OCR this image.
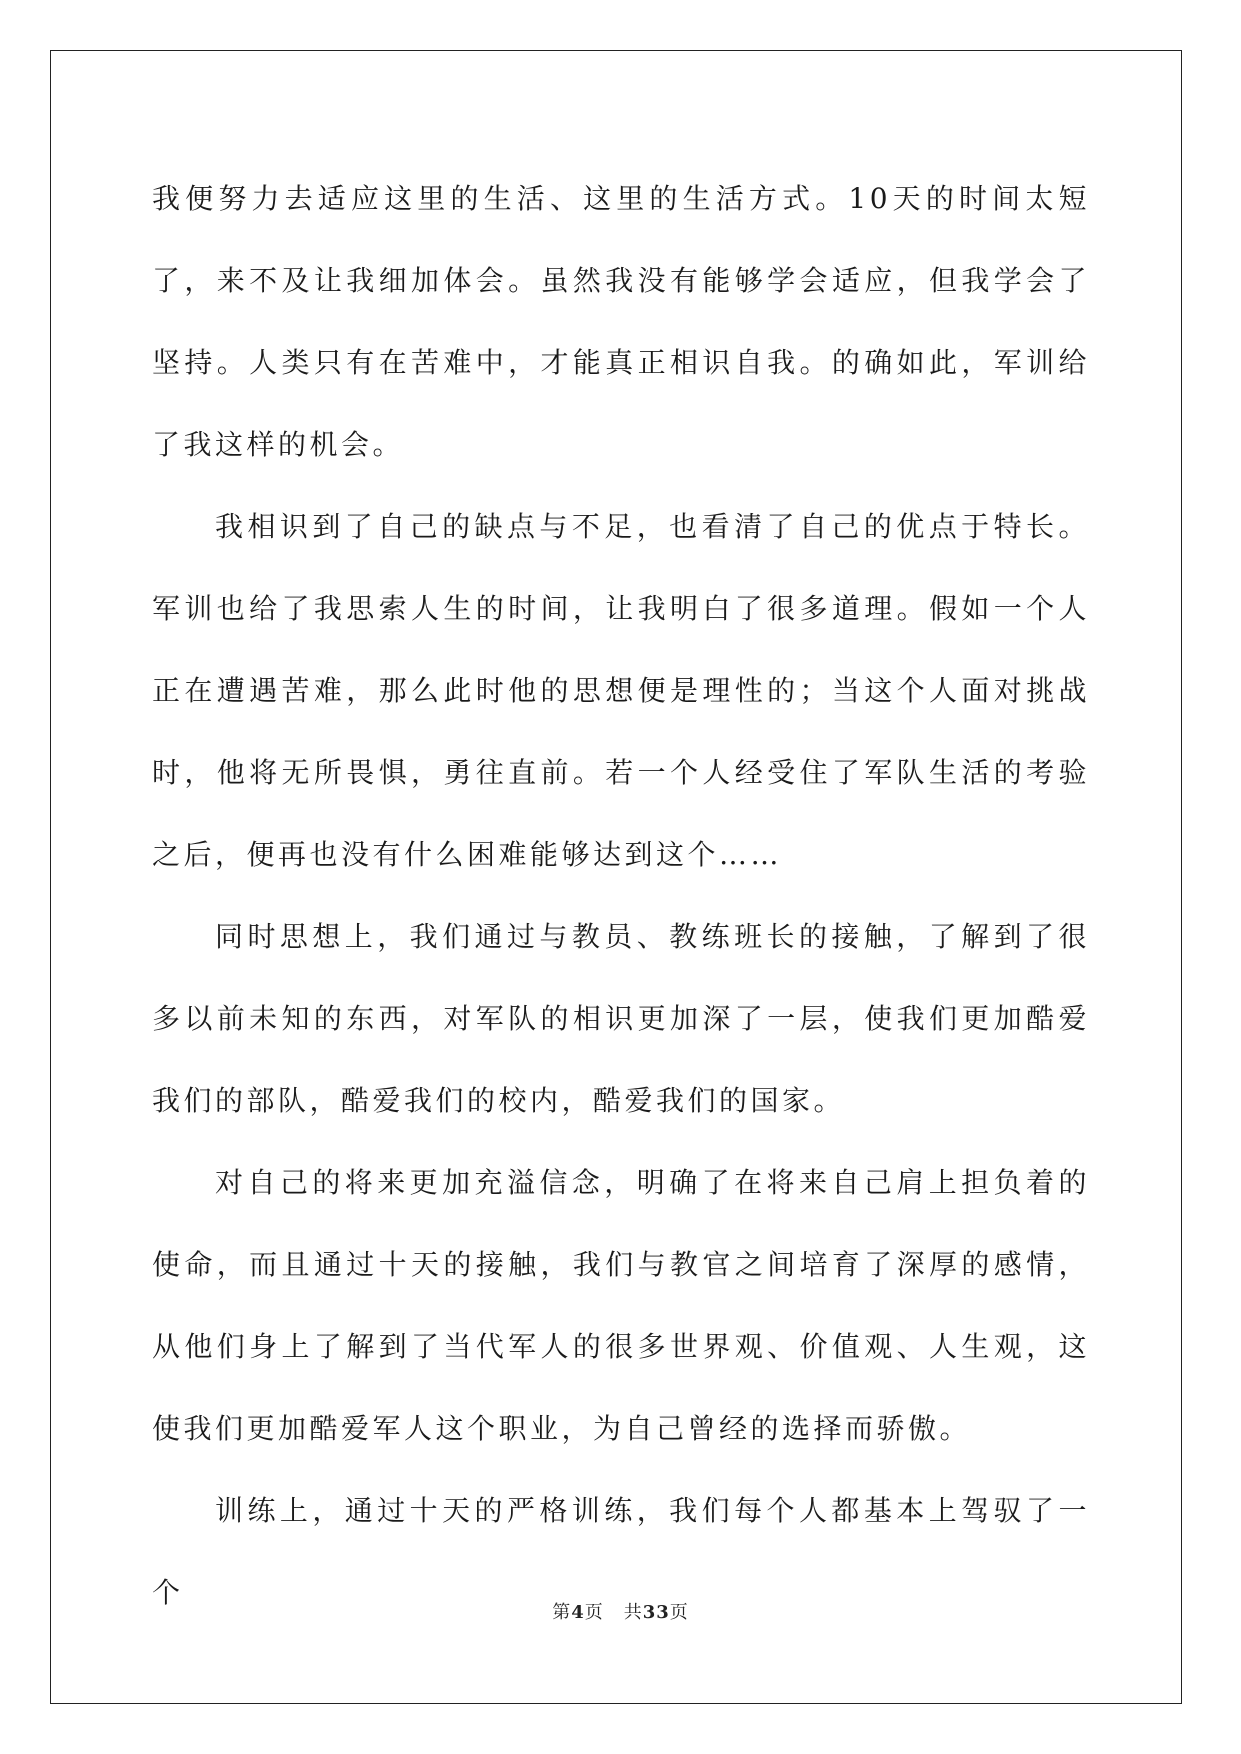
我便努力去适应这里的生活、这里的生活方式。10天的时间太短了，来不及让我细加体会。虽然我没有能够学会适应，但我学会了坚持。人类只有在苦难中，才能真正相识自我。的确如此，军训给了我这样的机会。

我相识到了自己的缺点与不足，也看清了自己的优点于特长。军训也给了我思索人生的时间，让我明白了很多道理。假如一个人正在遭遇苦难，那么此时他的思想便是理性的；当这个人面对挑战时，他将无所畏惧，勇往直前。若一个人经受住了军队生活的考验之后，便再也没有什么困难能够达到这个……

同时思想上，我们通过与教员、教练班长的接触，了解到了很多以前未知的东西，对军队的相识更加深了一层，使我们更加酷爱我们的部队，酷爱我们的校内，酷爱我们的国家。

对自己的将来更加充溢信念，明确了在将来自己肩上担负着的使命，而且通过十天的接触，我们与教官之间培育了深厚的感情，从他们身上了解到了当代军人的很多世界观、价值观、人生观，这使我们更加酷爱军人这个职业，为自己曾经的选择而骄傲。

训练上，通过十天的严格训练，我们每个人都基本上驾驭了一个

第4页 共33页
